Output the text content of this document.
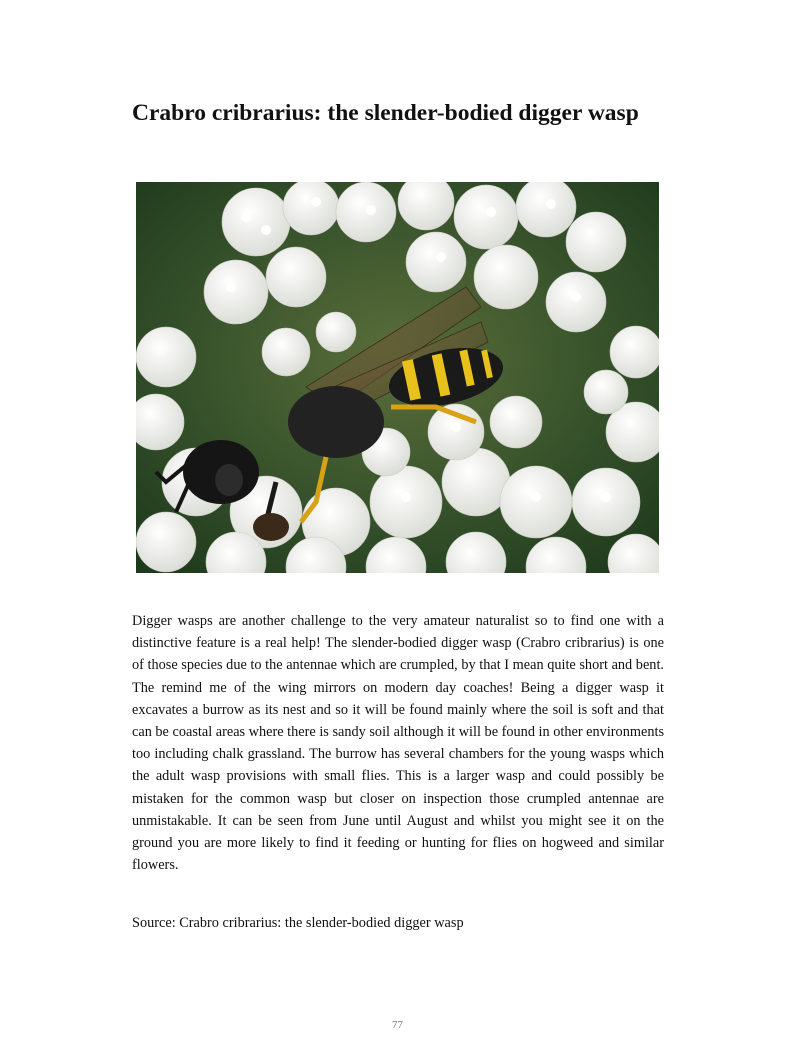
Crabro cribrarius: the slender-bodied digger wasp

Digger wasps are another challenge to the very amateur naturalist so to find one with a distinctive feature is a real help! The slender-bodied digger wasp (Crabro cribrarius) is one of those species due to the antennae which are crumpled, by that I mean quite short and bent. The remind me of the wing mirrors on modern day coaches! Being a digger wasp it excavates a burrow as its nest and so it will be found mainly where the soil is soft and that can be coastal areas where there is sandy soil although it will be found in other environments too including chalk grassland. The burrow has several chambers for the young wasps which the adult wasp provisions with small flies. This is a larger wasp and could possibly be mistaken for the common wasp but closer on inspection those crumpled antennae are unmistakable. It can be seen from June until August and whilst you might see it on the ground you are more likely to find it feeding or hunting for flies on hogweed and similar flowers.

Source: Crabro cribrarius: the slender-bodied digger wasp

77
